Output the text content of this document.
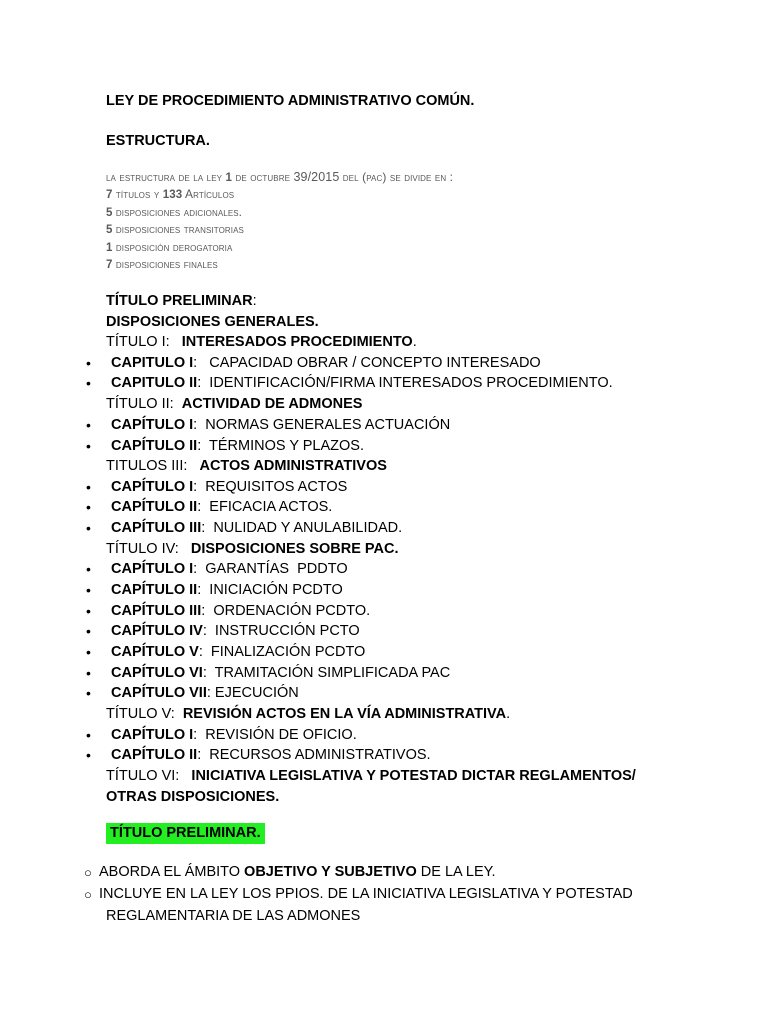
LEY DE PROCEDIMIENTO ADMINISTRATIVO COMÚN.
ESTRUCTURA.
la estructura de la ley 1 de octubre 39/2015 del (pac) se divide en :
7 títulos y 133 Artículos
5 disposiciones adicionales.
5 disposiciones transitorias
1 disposición derogatoria
7 disposiciones finales
TÍTULO PRELIMINAR:
DISPOSICIONES GENERALES.
TÍTULO I: INTERESADOS PROCEDIMIENTO.
• CAPITULO I:   CAPACIDAD OBRAR / CONCEPTO INTERESADO
• CAPITULO II:  IDENTIFICACIÓN/FIRMA INTERESADOS PROCEDIMIENTO.
TÍTULO II: ACTIVIDAD DE ADMONES
• CAPÍTULO I:  NORMAS GENERALES ACTUACIÓN
• CAPÍTULO II:  TÉRMINOS Y PLAZOS.
TITULOS III: ACTOS ADMINISTRATIVOS
• CAPÍTULO I:  REQUISITOS ACTOS
• CAPÍTULO II:  EFICACIA ACTOS.
• CAPÍTULO III:  NULIDAD Y ANULABILIDAD.
TÍTULO IV: DISPOSICIONES SOBRE PAC.
• CAPÍTULO I:  GARANTÍAS  PDDTO
• CAPÍTULO II:  INICIACIÓN PCDTO
• CAPÍTULO III:  ORDENACIÓN PCDTO.
• CAPÍTULO IV:  INSTRUCCIÓN PCTO
• CAPÍTULO V:  FINALIZACIÓN PCDTO
• CAPÍTULO VI:  TRAMITACIÓN SIMPLIFICADA PAC
• CAPÍTULO VII: EJECUCIÓN
TÍTULO V: REVISIÓN ACTOS EN LA VÍA ADMINISTRATIVA.
• CAPÍTULO I:  REVISIÓN DE OFICIO.
• CAPÍTULO II:  RECURSOS ADMINISTRATIVOS.
TÍTULO VI: INICIATIVA LEGISLATIVA Y POTESTAD DICTAR REGLAMENTOS/
OTRAS DISPOSICIONES.
TÍTULO PRELIMINAR.
○ ABORDA EL ÁMBITO OBJETIVO Y SUBJETIVO DE LA LEY.
○ INCLUYE EN LA LEY LOS PPIOS. DE LA INICIATIVA LEGISLATIVA Y POTESTAD
REGLAMENTARIA DE LAS ADMONES
